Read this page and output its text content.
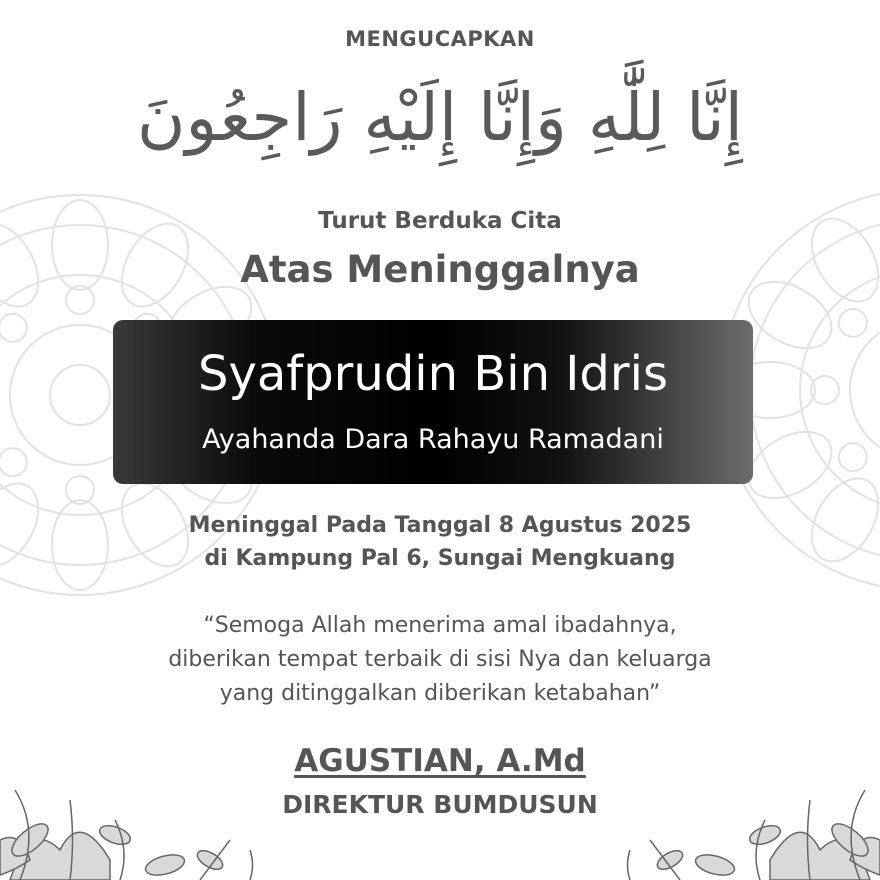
MENGUCAPKAN
إِنَّا لِلَّٰهِ وَإِنَّا إِلَيْهِ رَاجِعُونَ
Turut Berduka Cita
Atas Meninggalnya
Syafprudin Bin Idris
Ayahanda Dara Rahayu Ramadani
Meninggal Pada Tanggal 8 Agustus 2025
di Kampung Pal 6, Sungai Mengkuang
“Semoga Allah menerima amal ibadahnya,
diberikan tempat terbaik di sisi Nya dan keluarga
yang ditinggalkan diberikan ketabahan”
AGUSTIAN, A.Md
DIREKTUR BUMDUSUN
